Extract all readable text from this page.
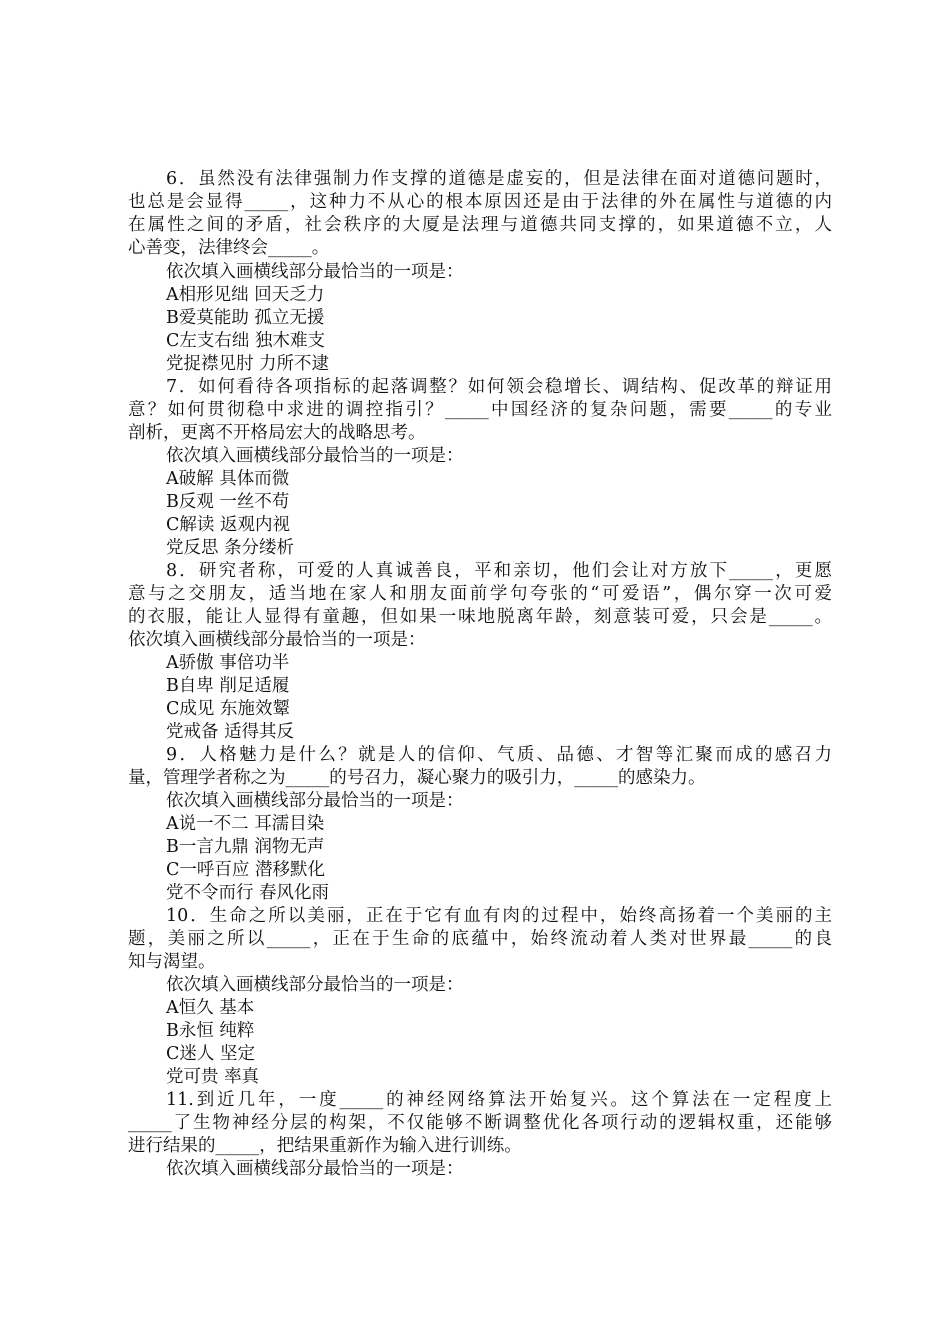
6．虽然没有法律强制力作支撑的道德是虚妄的，但是法律在面对道德问题时，
也总是会显得_____，这种力不从心的根本原因还是由于法律的外在属性与道德的内
在属性之间的矛盾，社会秩序的大厦是法理与道德共同支撑的，如果道德不立，人
心善变，法律终会_____。
依次填入画横线部分最恰当的一项是：
A相形见绌 回天乏力
B爱莫能助 孤立无援
C左支右绌 独木难支
党捉襟见肘 力所不逮
7．如何看待各项指标的起落调整？如何领会稳增长、调结构、促改革的辩证用
意？如何贯彻稳中求进的调控指引？_____中国经济的复杂问题，需要_____的专业
剖析，更离不开格局宏大的战略思考。
依次填入画横线部分最恰当的一项是：
A破解 具体而微
B反观 一丝不苟
C解读 返观内视
党反思 条分缕析
8．研究者称，可爱的人真诚善良，平和亲切，他们会让对方放下_____，更愿
意与之交朋友，适当地在家人和朋友面前学句夸张的“可爱语”，偶尔穿一次可爱
的衣服，能让人显得有童趣，但如果一味地脱离年龄，刻意装可爱，只会是_____。
依次填入画横线部分最恰当的一项是：
A骄傲 事倍功半
B自卑 削足适履
C成见 东施效颦
党戒备 适得其反
9．人格魅力是什么？就是人的信仰、气质、品德、才智等汇聚而成的感召力
量，管理学者称之为_____的号召力，凝心聚力的吸引力，_____的感染力。
依次填入画横线部分最恰当的一项是：
A说一不二 耳濡目染
B一言九鼎 润物无声
C一呼百应 潜移默化
党不令而行 春风化雨
10．生命之所以美丽，正在于它有血有肉的过程中，始终高扬着一个美丽的主
题，美丽之所以_____，正在于生命的底蕴中，始终流动着人类对世界最_____的良
知与渴望。
依次填入画横线部分最恰当的一项是：
A恒久 基本
B永恒 纯粹
C迷人 坚定
党可贵 率真
11.到近几年，一度_____的神经网络算法开始复兴。这个算法在一定程度上
_____了生物神经分层的构架，不仅能够不断调整优化各项行动的逻辑权重，还能够
进行结果的_____，把结果重新作为输入进行训练。
依次填入画横线部分最恰当的一项是：
